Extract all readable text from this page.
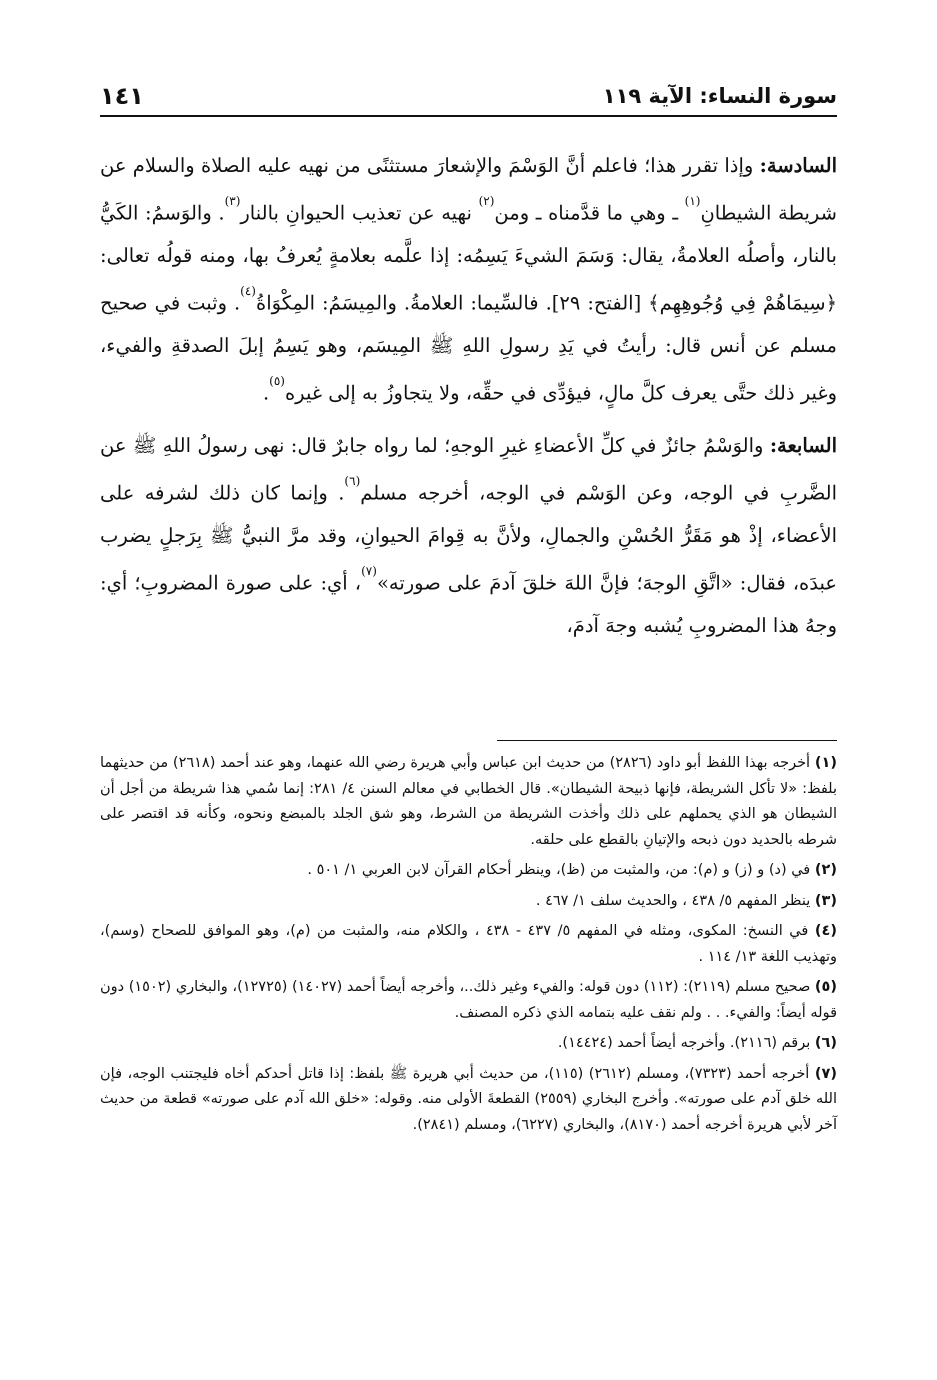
سورة النساء: الآية ١١٩
١٤١

السادسة: وإذا تقرر هذا؛ فاعلم أنَّ الوَسْمَ والإشعارَ مستثنًى من نهيه عليه الصلاة والسلام عن شريطة الشيطانِ$^{(١)}$ ـ وهي ما قدَّمناه ـ ومن$^{(٢)}$ نهيه عن تعذيب الحيوانِ بالنار$^{(٣)}$. والوَسمُ: الكَيُّ بالنار، وأصلُه العلامةُ، يقال: وَسَمَ الشيءَ يَسِمُه: إذا علَّمه بعلامةٍ يُعرفُ بها، ومنه قولُه تعالى: ﴿سِيمَاهُمْ فِي وُجُوهِهِم﴾ [الفتح: ٢٩]. فالسِّيما: العلامةُ. والمِيسَمُ: المِكْوَاةُ$^{(٤)}$. وثبت في صحيح مسلم عن أنس قال: رأيتُ في يَدِ رسولِ اللهِ ﷺ المِيسَم، وهو يَسِمُ إبلَ الصدقةِ والفيء، وغير ذلك حتَّى يعرف كلَّ مالٍ، فيؤدِّى في حقِّه، ولا يتجاوزُ به إلى غيره$^{(٥)}$.

السابعة: والوَسْمُ جائزٌ في كلِّ الأعضاءِ غيرِ الوجهِ؛ لما رواه جابرٌ قال: نهى رسولُ اللهِ ﷺ عن الضَّربِ في الوجه، وعن الوَسْم في الوجه، أخرجه مسلم$^{(٦)}$. وإنما كان ذلك لشرفه على الأعضاء، إذْ هو مَقَرُّ الحُسْنِ والجمالِ، ولأنَّ به قِوامَ الحيوانِ، وقد مرَّ النبيُّ ﷺ بِرَجلٍ يضرب عبدَه، فقال: «اتَّقِ الوجهَ؛ فإنَّ اللهَ خلقَ آدمَ على صورته»$^{(٧)}$، أي: على صورة المضروبِ؛ أي: وجهُ هذا المضروبِ يُشبه وجهَ آدمَ،

(١) أخرجه بهذا اللفظ أبو داود (٢٨٢٦) من حديث ابن عباس وأبي هريرة رضي الله عنهما، وهو عند أحمد (٢٦١٨) من حديثهما بلفظ: «لا تأكل الشريطة، فإنها ذبيحة الشيطان». قال الخطابي في معالم السنن ٤/ ٢٨١: إنما سُمي هذا شريطة من أجل أن الشيطان هو الذي يحملهم على ذلك وأخذت الشريطة من الشرط، وهو شق الجلد بالمبضع ونحوه، وكأنه قد اقتصر على شرطه بالحديد دون ذبحه والإتيانِ بالقطع على حلقه.

(٢) في (د) و (ز) و (م): من، والمثبت من (ظ)، وينظر أحكام القرآن لابن العربي ١/ ٥٠١ .

(٣) ينظر المفهم ٥/ ٤٣٨ ، والحديث سلف ١/ ٤٦٧ .

(٤) في النسخ: المكوى، ومثله في المفهم ٥/ ٤٣٧ - ٤٣٨ ، والكلام منه، والمثبت من (م)، وهو الموافق للصحاح (وسم)، وتهذيب اللغة ١٣/ ١١٤ .

(٥) صحيح مسلم (٢١١٩): (١١٢) دون قوله: والفيء وغير ذلك..، وأخرجه أيضاً أحمد (١٤٠٢٧) (١٢٧٢٥)، والبخاري (١٥٠٢) دون قوله أيضاً: والفيء. . . ولم نقف عليه بتمامه الذي ذكره المصنف.

(٦) برقم (٢١١٦). وأخرجه أيضاً أحمد (١٤٤٢٤).

(٧) أخرجه أحمد (٧٣٢٣)، ومسلم (٢٦١٢) (١١٥)، من حديث أبي هريرة ﷺ بلفظ: إذا قاتل أحدكم أخاه فليجتنب الوجه، فإن الله خلق آدم على صورته». وأخرج البخاري (٢٥٥٩) القطعةَ الأولى منه. وقوله: «خلق الله آدم على صورته» قطعة من حديث آخر لأبي هريرة أخرجه أحمد (٨١٧٠)، والبخاري (٦٢٢٧)، ومسلم (٢٨٤١).
